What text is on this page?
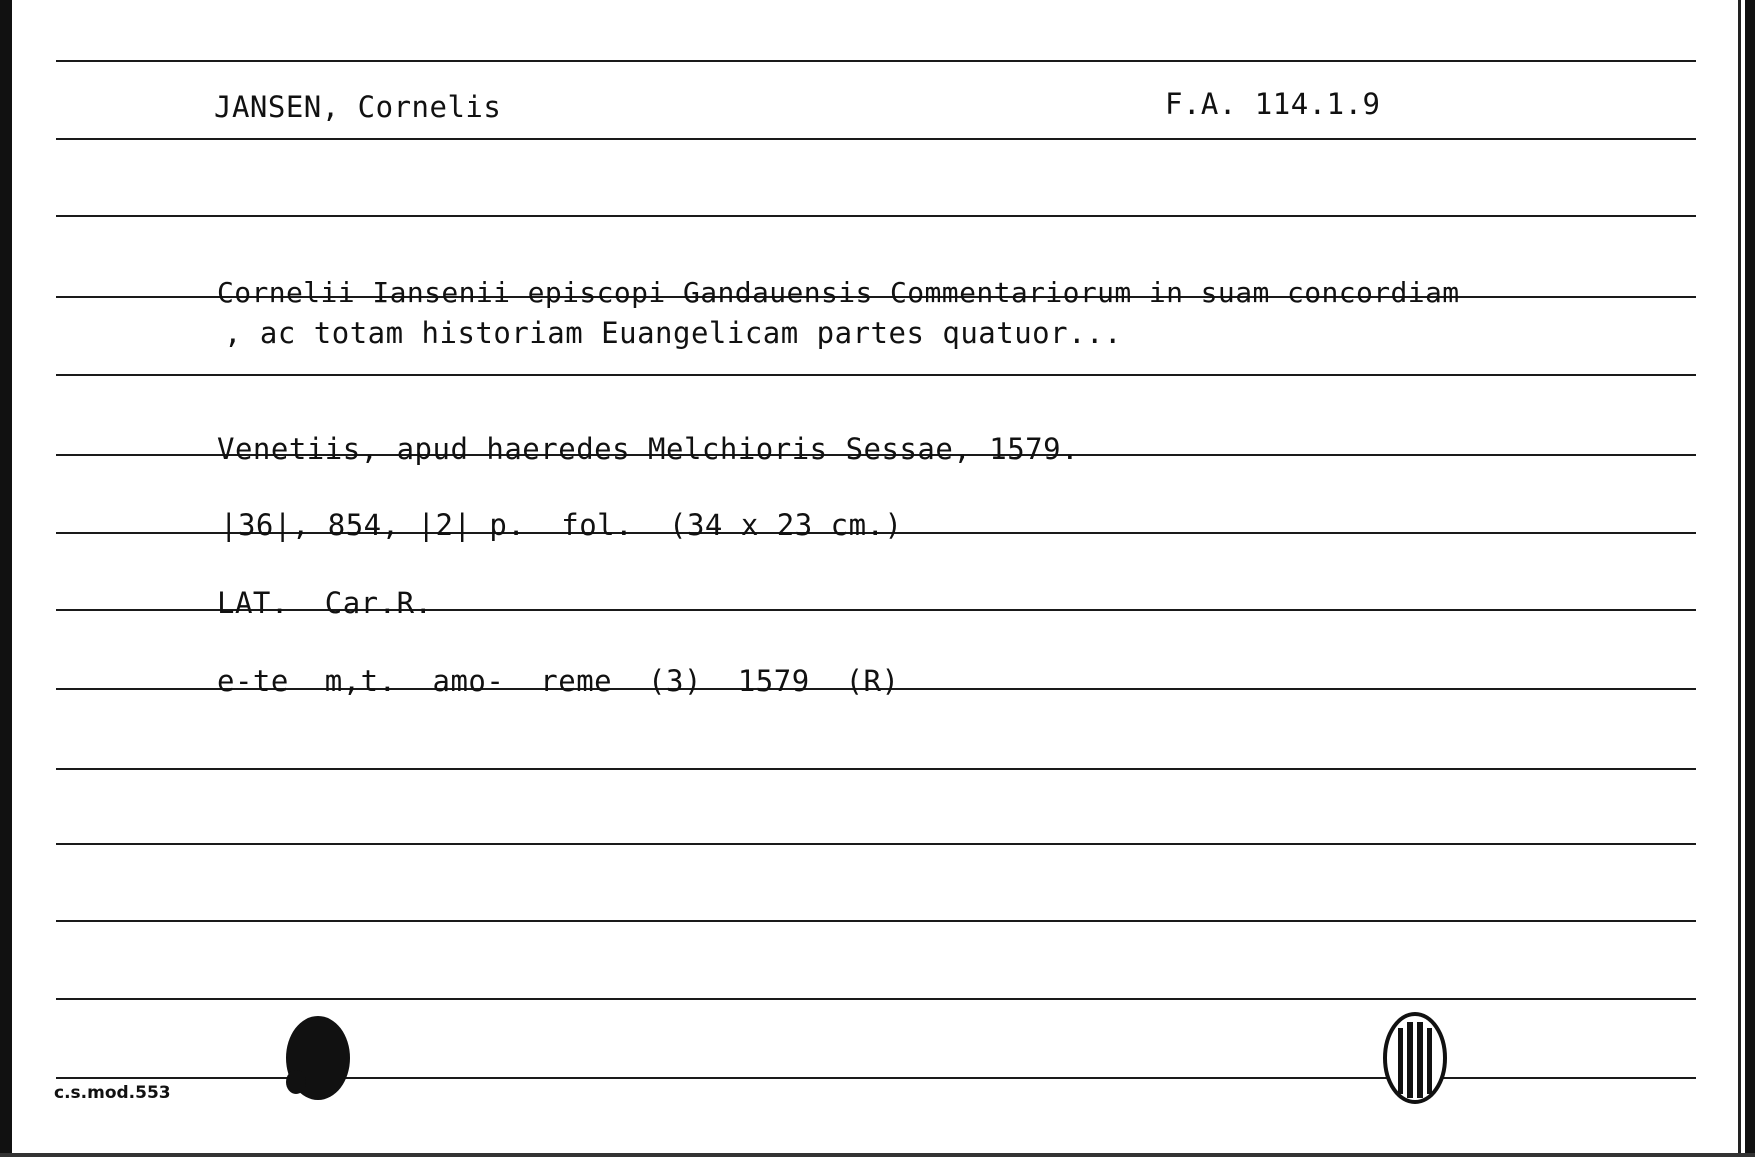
JANSEN, Cornelis	F.A. 114.1.9
Cornelii Iansenii episcopi Gandauensis Commentariorum in suam concordiam
, ac totam historiam Euangelicam partes quatuor...
Venetiis, apud haeredes Melchioris Sessae, 1579.
|36|, 854, |2| p.  fol.  (34 x 23 cm.)
LAT.  Car.R.
e-te  m,t.  amo-  reme  (3)  1579  (R)
c.s.mod.553
